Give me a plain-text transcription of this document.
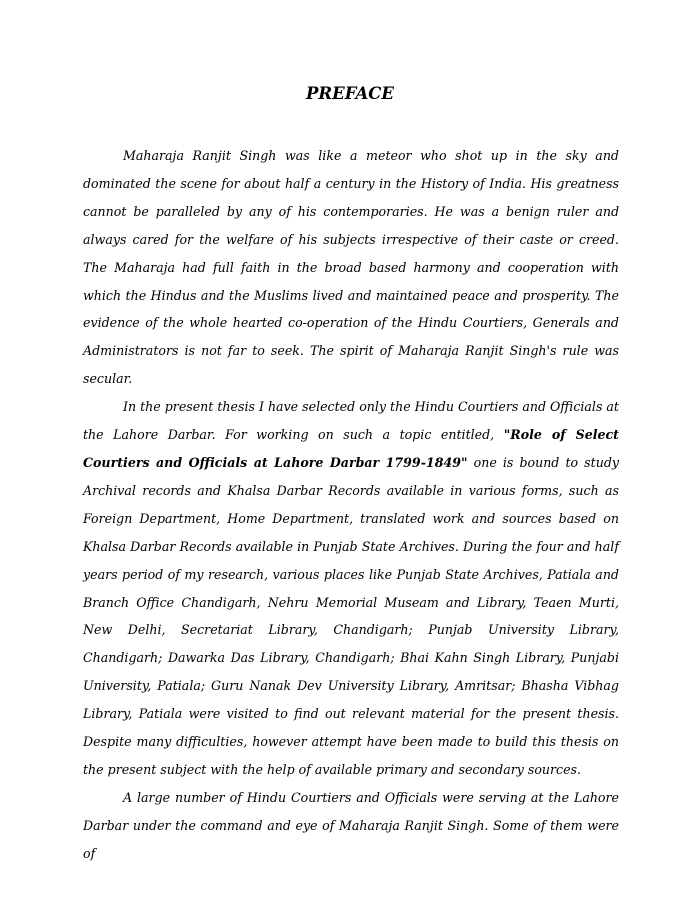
PREFACE

Maharaja Ranjit Singh was like a meteor who shot up in the sky and dominated the scene for about half a century in the History of India. His greatness cannot be paralleled by any of his contemporaries. He was a benign ruler and always cared for the welfare of his subjects irrespective of their caste or creed. The Maharaja had full faith in the broad based harmony and cooperation with which the Hindus and the Muslims lived and maintained peace and prosperity. The evidence of the whole hearted co-operation of the Hindu Courtiers, Generals and Administrators is not far to seek. The spirit of Maharaja Ranjit Singh's rule was secular.

In the present thesis I have selected only the Hindu Courtiers and Officials at the Lahore Darbar. For working on such a topic entitled, "Role of Select Courtiers and Officials at Lahore Darbar 1799-1849" one is bound to study Archival records and Khalsa Darbar Records available in various forms, such as Foreign Department, Home Department, translated work and sources based on Khalsa Darbar Records available in Punjab State Archives. During the four and half years period of my research, various places like Punjab State Archives, Patiala and Branch Office Chandigarh, Nehru Memorial Museam and Library, Teaen Murti, New Delhi, Secretariat Library, Chandigarh; Punjab University Library, Chandigarh; Dawarka Das Library, Chandigarh; Bhai Kahn Singh Library, Punjabi University, Patiala; Guru Nanak Dev University Library, Amritsar; Bhasha Vibhag Library, Patiala were visited to find out relevant material for the present thesis. Despite many difficulties, however attempt have been made to build this thesis on the present subject with the help of available primary and secondary sources.

A large number of Hindu Courtiers and Officials were serving at the Lahore Darbar under the command and eye of Maharaja Ranjit Singh. Some of them were of
